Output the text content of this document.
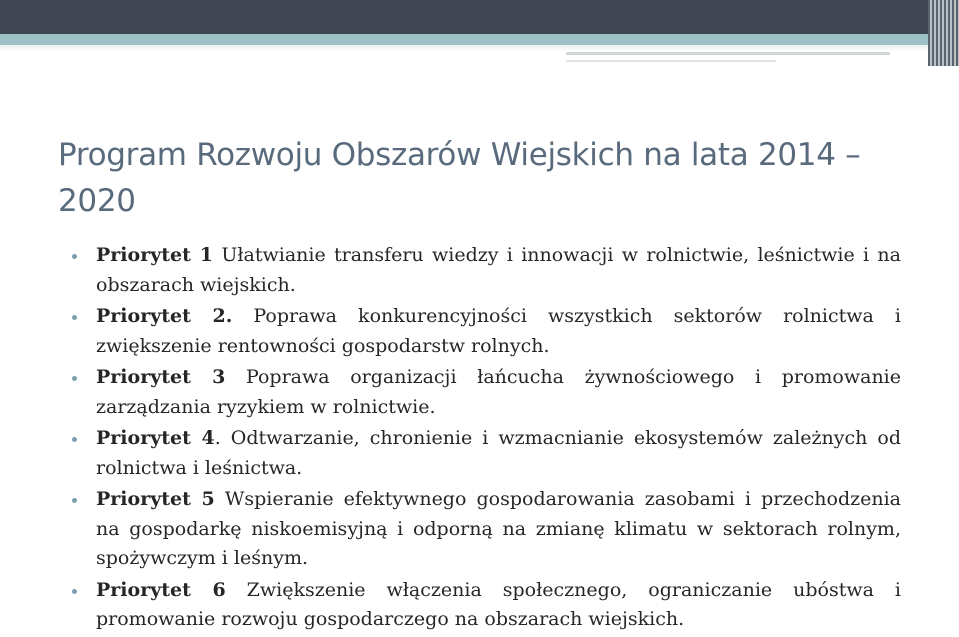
Program Rozwoju Obszarów Wiejskich na lata 2014 – 2020
Priorytet 1 Ułatwianie transferu wiedzy i innowacji w rolnictwie, leśnictwie i na obszarach wiejskich.
Priorytet 2. Poprawa konkurencyjności wszystkich sektorów rolnictwa i zwiększenie rentowności gospodarstw rolnych.
Priorytet 3 Poprawa organizacji łańcucha żywnościowego i promowanie zarządzania ryzykiem w rolnictwie.
Priorytet 4. Odtwarzanie, chronienie i wzmacnianie ekosystemów zależnych od rolnictwa i leśnictwa.
Priorytet 5 Wspieranie efektywnego gospodarowania zasobami i przechodzenia na gospodarkę niskoemisyjną i odporną na zmianę klimatu w sektorach rolnym, spożywczym i leśnym.
Priorytet 6 Zwiększenie włączenia społecznego, ograniczanie ubóstwa i promowanie rozwoju gospodarczego na obszarach wiejskich.
